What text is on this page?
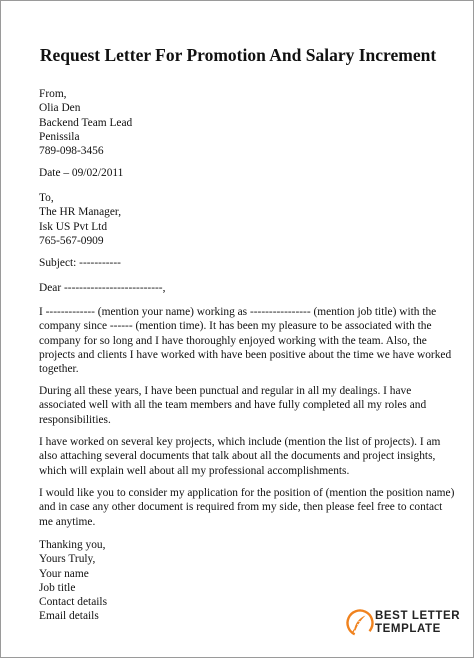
Request Letter For Promotion And Salary Increment
From,
Olia Den
Backend Team Lead
Penissila
789-098-3456
Date – 09/02/2011
To,
The HR Manager,
Isk US Pvt Ltd
765-567-0909
Subject: -----------
Dear --------------------------,
I ------------- (mention your name) working as ---------------- (mention job title) with the
company since ------ (mention time). It has been my pleasure to be associated with the
company for so long and I have thoroughly enjoyed working with the team. Also, the
projects and clients I have worked with have been positive about the time we have worked
together.
During all these years, I have been punctual and regular in all my dealings. I have
associated well with all the team members and have fully completed all my roles and
responsibilities.
I have worked on several key projects, which include (mention the list of projects). I am
also attaching several documents that talk about all the documents and project insights,
which will explain well about all my professional accomplishments.
I would like you to consider my application for the position of (mention the position name)
and in case any other document is required from my side, then please feel free to contact
me anytime.
Thanking you,
Yours Truly,
Your name
Job title
Contact details
Email details	BEST LETTER
TEMPLATE
